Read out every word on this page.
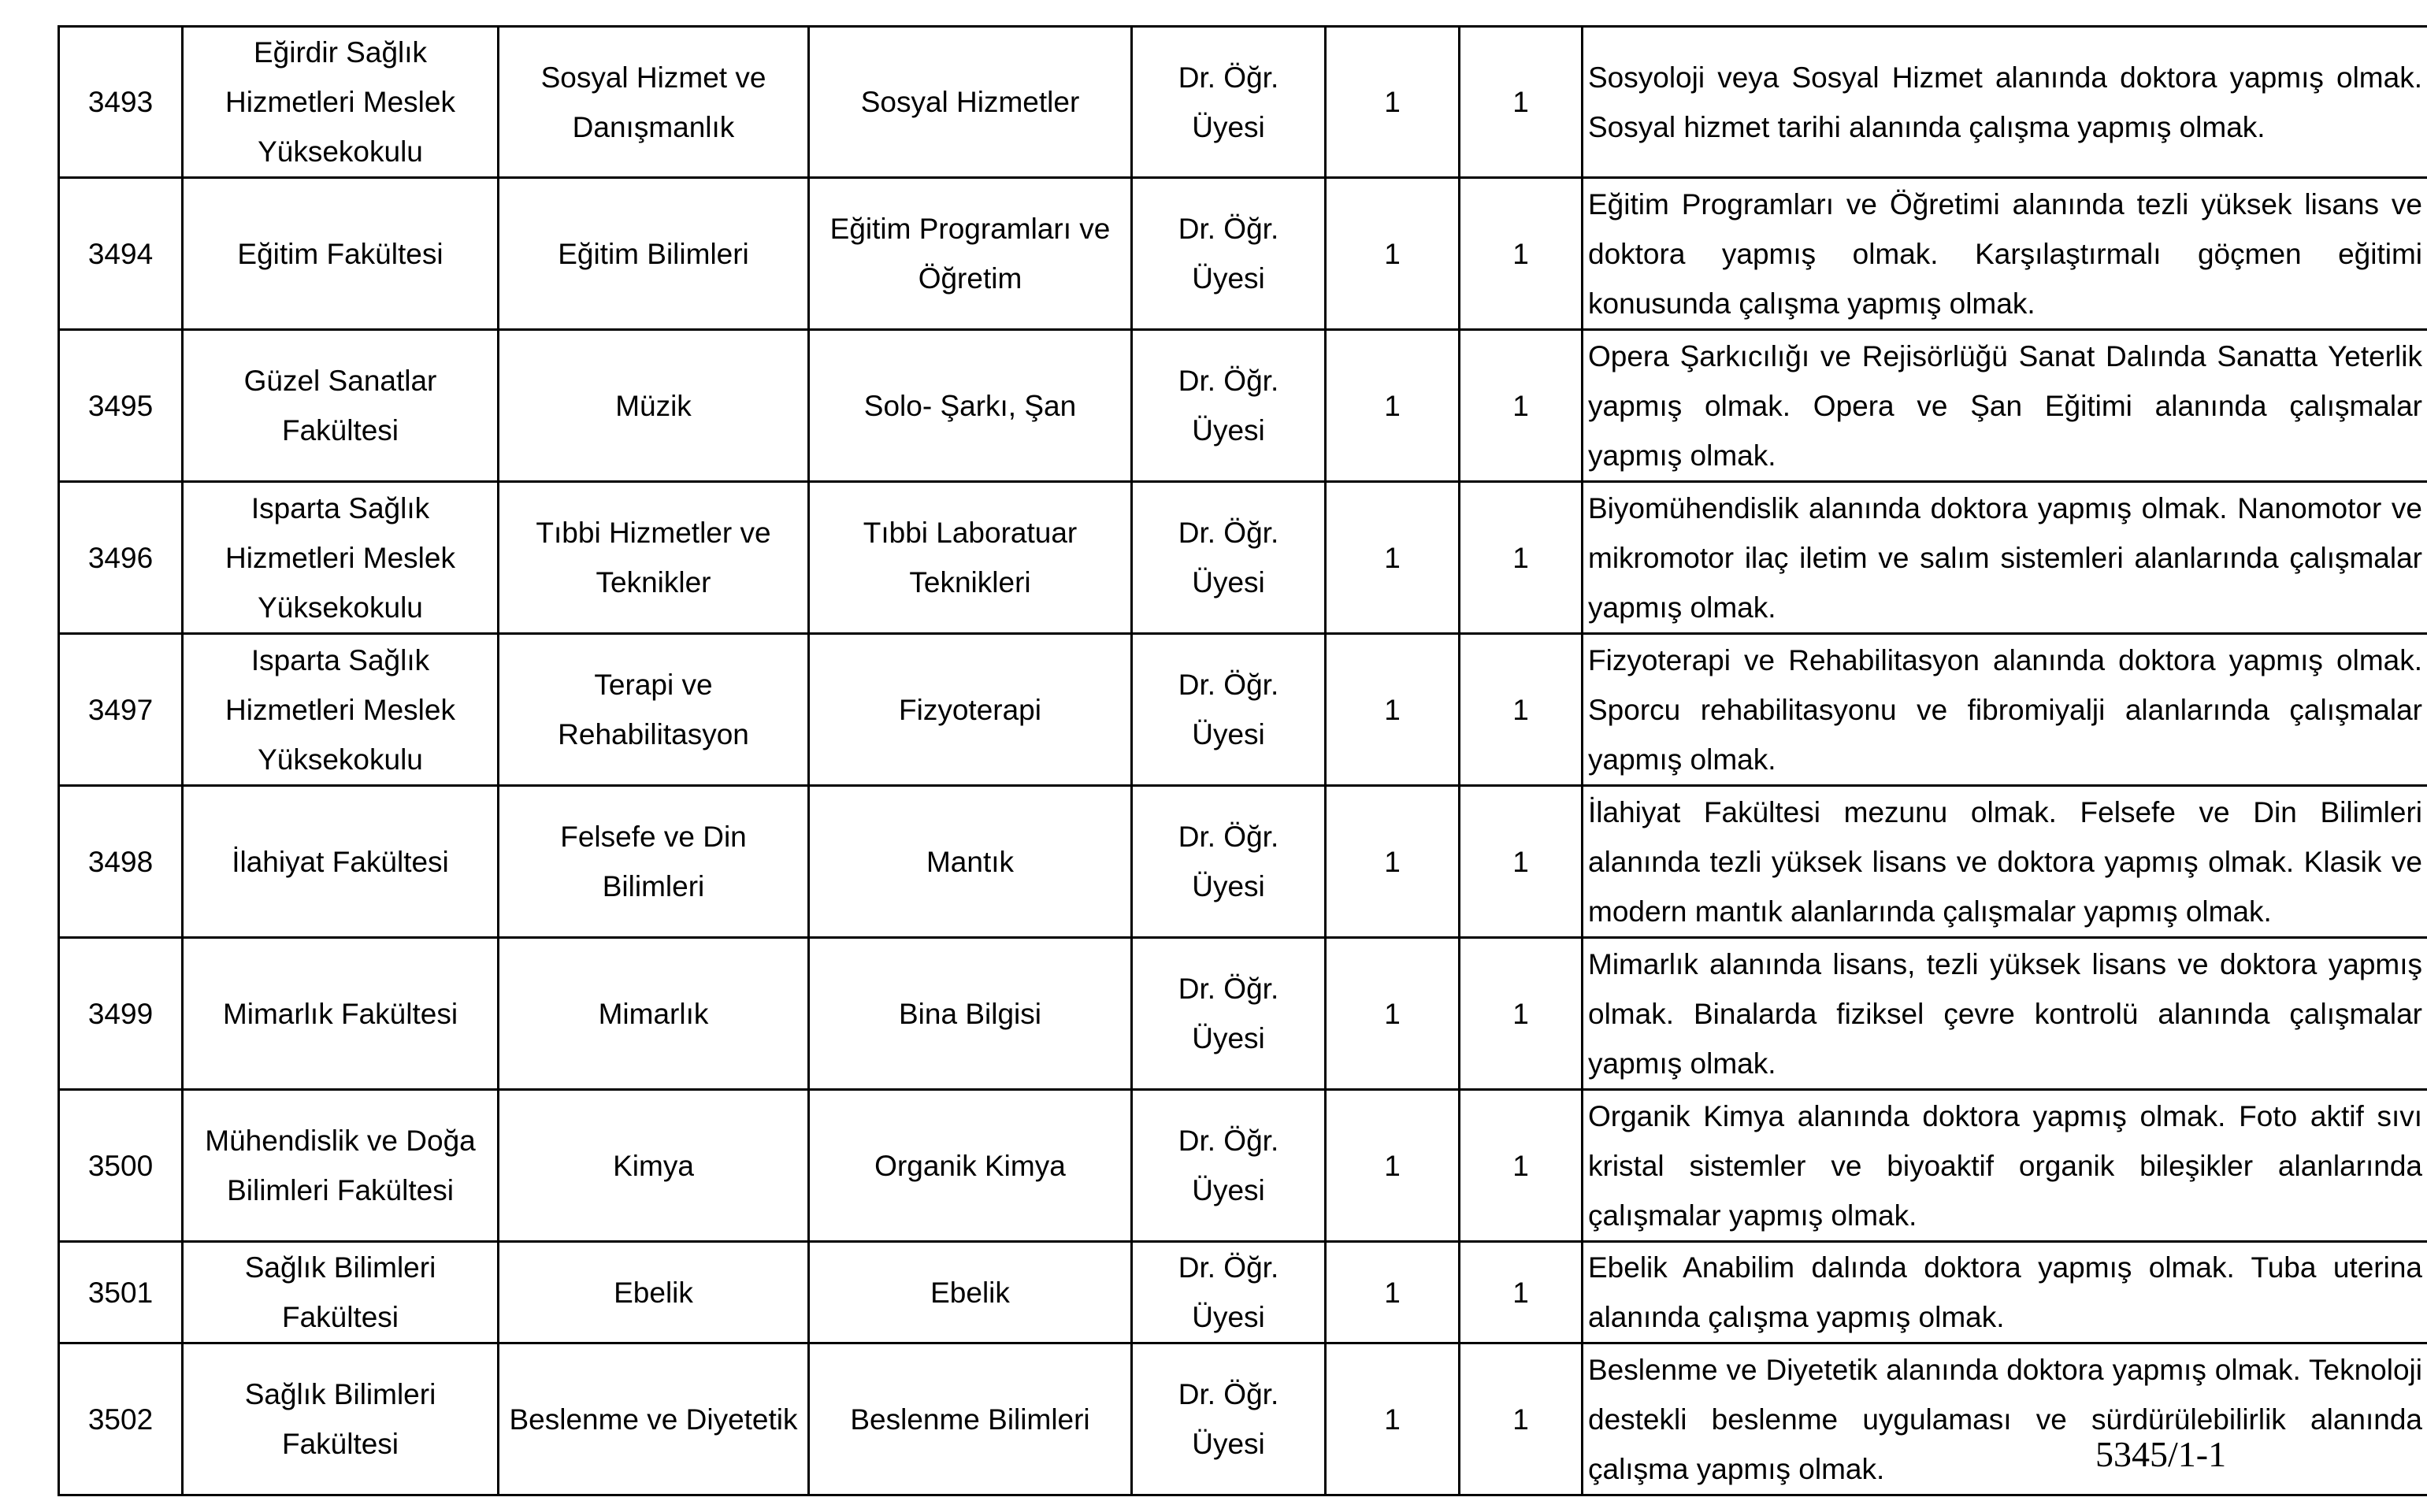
3493	Eğirdir Sağlık Hizmetleri Meslek Yüksekokulu	Sosyal Hizmet ve Danışmanlık	Sosyal Hizmetler	Dr. Öğr. Üyesi	1	1	Sosyoloji veya Sosyal Hizmet alanında doktora yapmış olmak. Sosyal hizmet tarihi alanında çalışma yapmış olmak.
3494	Eğitim Fakültesi	Eğitim Bilimleri	Eğitim Programları ve Öğretim	Dr. Öğr. Üyesi	1	1	Eğitim Programları ve Öğretimi alanında tezli yüksek lisans ve doktora yapmış olmak. Karşılaştırmalı göçmen eğitimi konusunda çalışma yapmış olmak.
3495	Güzel Sanatlar Fakültesi	Müzik	Solo- Şarkı, Şan	Dr. Öğr. Üyesi	1	1	Opera Şarkıcılığı ve Rejisörlüğü Sanat Dalında Sanatta Yeterlik yapmış olmak. Opera ve Şan Eğitimi alanında çalışmalar yapmış olmak.
3496	Isparta Sağlık Hizmetleri Meslek Yüksekokulu	Tıbbi Hizmetler ve Teknikler	Tıbbi Laboratuar Teknikleri	Dr. Öğr. Üyesi	1	1	Biyomühendislik alanında doktora yapmış olmak. Nanomotor ve mikromotor ilaç iletim ve salım sistemleri alanlarında çalışmalar yapmış olmak.
3497	Isparta Sağlık Hizmetleri Meslek Yüksekokulu	Terapi ve Rehabilitasyon	Fizyoterapi	Dr. Öğr. Üyesi	1	1	Fizyoterapi ve Rehabilitasyon alanında doktora yapmış olmak. Sporcu rehabilitasyonu ve fibromiyalji alanlarında çalışmalar yapmış olmak.
3498	İlahiyat Fakültesi	Felsefe ve Din Bilimleri	Mantık	Dr. Öğr. Üyesi	1	1	İlahiyat Fakültesi mezunu olmak. Felsefe ve Din Bilimleri alanında tezli yüksek lisans ve doktora yapmış olmak. Klasik ve modern mantık alanlarında çalışmalar yapmış olmak.
3499	Mimarlık Fakültesi	Mimarlık	Bina Bilgisi	Dr. Öğr. Üyesi	1	1	Mimarlık alanında lisans, tezli yüksek lisans ve doktora yapmış olmak. Binalarda fiziksel çevre kontrolü alanında çalışmalar yapmış olmak.
3500	Mühendislik ve Doğa Bilimleri Fakültesi	Kimya	Organik Kimya	Dr. Öğr. Üyesi	1	1	Organik Kimya alanında doktora yapmış olmak. Foto aktif sıvı kristal sistemler ve biyoaktif organik bileşikler alanlarında çalışmalar yapmış olmak.
3501	Sağlık Bilimleri Fakültesi	Ebelik	Ebelik	Dr. Öğr. Üyesi	1	1	Ebelik Anabilim dalında doktora yapmış olmak. Tuba uterina alanında çalışma yapmış olmak.
3502	Sağlık Bilimleri Fakültesi	Beslenme ve Diyetetik	Beslenme Bilimleri	Dr. Öğr. Üyesi	1	1	Beslenme ve Diyetetik alanında doktora yapmış olmak. Teknoloji destekli beslenme uygulaması ve sürdürülebilirlik alanında çalışma yapmış olmak.	5345/1-1
